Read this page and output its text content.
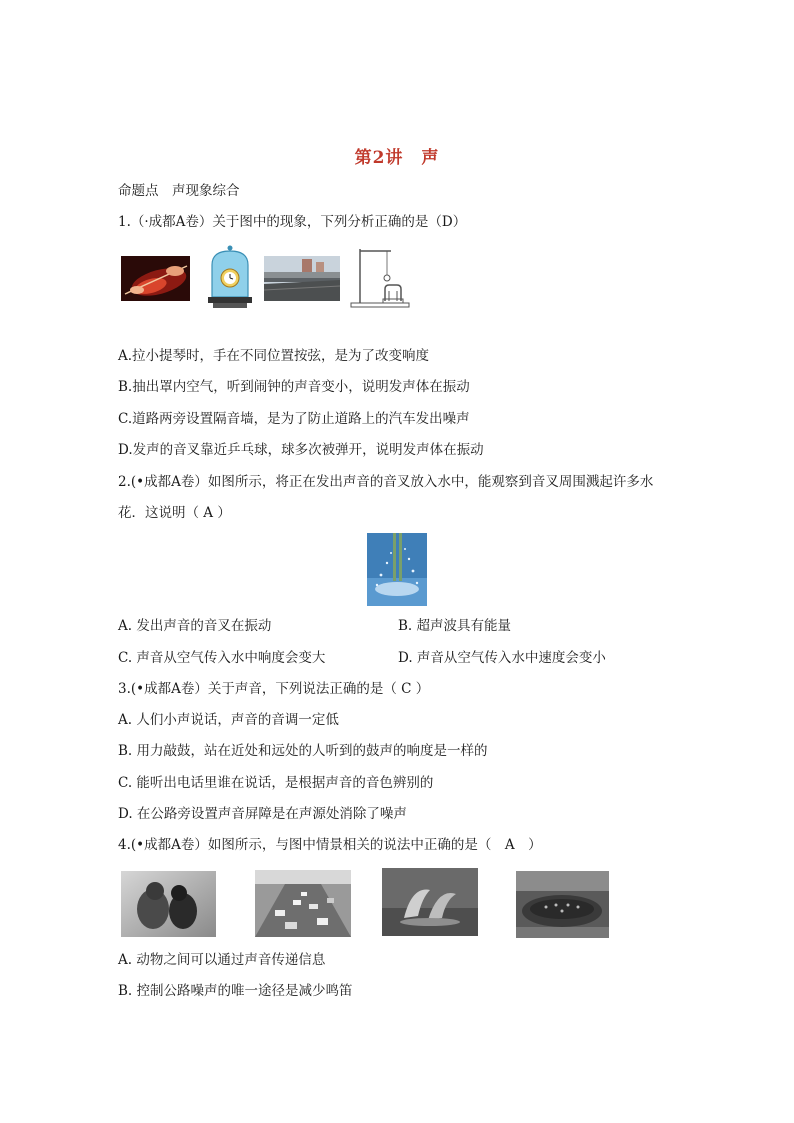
第2讲　声
命题点　声现象综合
1.（·成都A卷）关于图中的现象，下列分析正确的是（D）
A.拉小提琴时，手在不同位置按弦，是为了改变响度
B.抽出罩内空气，听到闹钟的声音变小，说明发声体在振动
C.道路两旁设置隔音墙，是为了防止道路上的汽车发出噪声
D.发声的音叉靠近乒乓球，球多次被弹开，说明发声体在振动
2.(•成都A卷）如图所示，将正在发出声音的音叉放入水中，能观察到音叉周围溅起许多水
花．这说明（ A ）
A. 发出声音的音叉在振动	B. 超声波具有能量
C. 声音从空气传入水中响度会变大	D. 声音从空气传入水中速度会变小
3.(•成都A卷）关于声音，下列说法正确的是（ C ）
A. 人们小声说话，声音的音调一定低
B. 用力敲鼓，站在近处和远处的人听到的鼓声的响度是一样的
C. 能听出电话里谁在说话，是根据声音的音色辨别的
D. 在公路旁设置声音屏障是在声源处消除了噪声
4.(•成都A卷）如图所示，与图中情景相关的说法中正确的是（　A　）
A. 动物之间可以通过声音传递信息
B. 控制公路噪声的唯一途径是减少鸣笛
